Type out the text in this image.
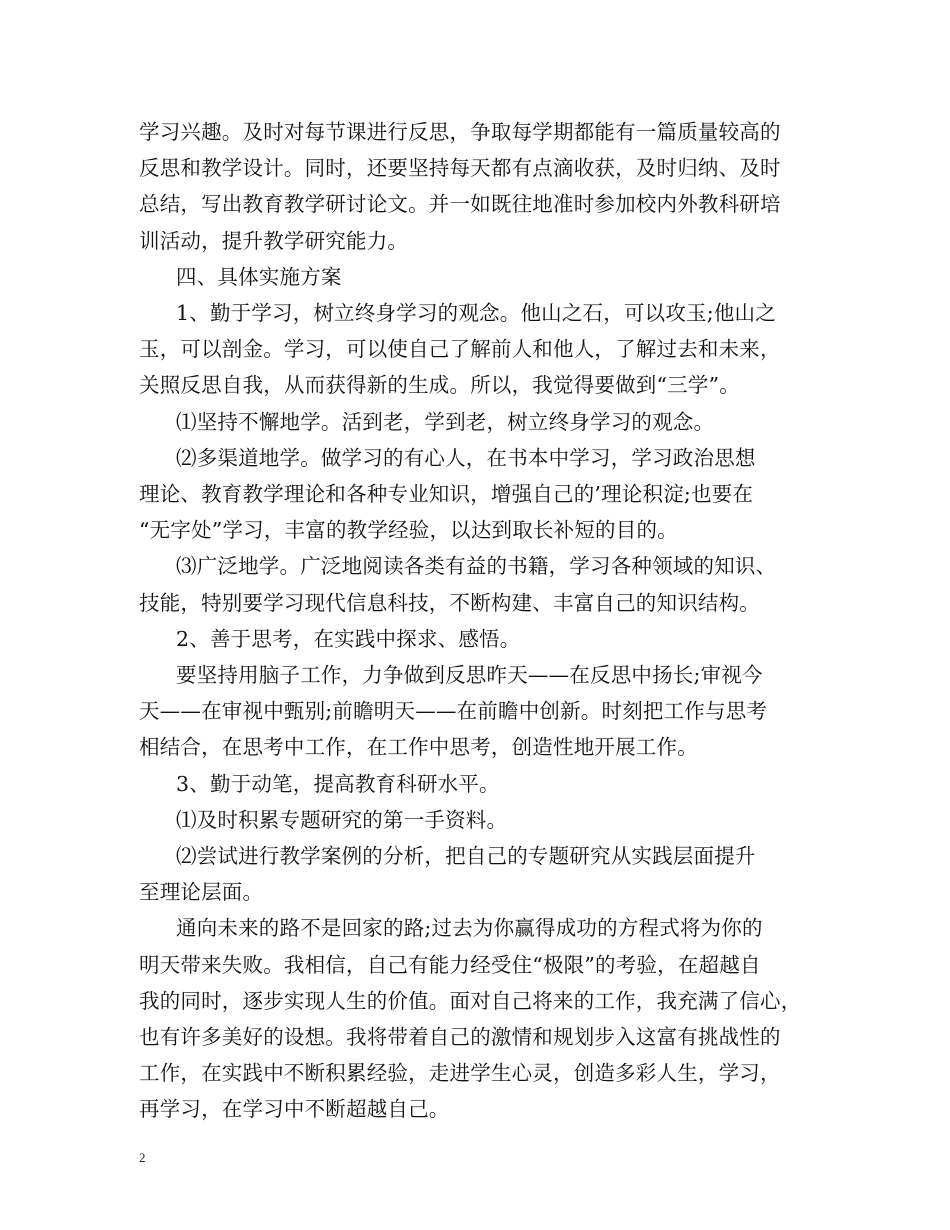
学习兴趣。及时对每节课进行反思，争取每学期都能有一篇质量较高的
反思和教学设计。同时，还要坚持每天都有点滴收获，及时归纳、及时
总结，写出教育教学研讨论文。并一如既往地准时参加校内外教科研培
训活动，提升教学研究能力。
四、具体实施方案
1、勤于学习，树立终身学习的观念。他山之石，可以攻玉;他山之
玉，可以剖金。学习，可以使自己了解前人和他人，了解过去和未来，
关照反思自我，从而获得新的生成。所以，我觉得要做到“三学”。
⑴坚持不懈地学。活到老，学到老，树立终身学习的观念。
⑵多渠道地学。做学习的有心人，在书本中学习，学习政治思想
理论、教育教学理论和各种专业知识，增强自己的’理论积淀;也要在
“无字处”学习，丰富的教学经验，以达到取长补短的目的。
⑶广泛地学。广泛地阅读各类有益的书籍，学习各种领域的知识、
技能，特别要学习现代信息科技，不断构建、丰富自己的知识结构。
2、善于思考，在实践中探求、感悟。
要坚持用脑子工作，力争做到反思昨天——在反思中扬长;审视今
天——在审视中甄别;前瞻明天——在前瞻中创新。时刻把工作与思考
相结合，在思考中工作，在工作中思考，创造性地开展工作。
3、勤于动笔，提高教育科研水平。
⑴及时积累专题研究的第一手资料。
⑵尝试进行教学案例的分析，把自己的专题研究从实践层面提升
至理论层面。
通向未来的路不是回家的路;过去为你赢得成功的方程式将为你的
明天带来失败。我相信，自己有能力经受住“极限”的考验，在超越自
我的同时，逐步实现人生的价值。面对自己将来的工作，我充满了信心，
也有许多美好的设想。我将带着自己的激情和规划步入这富有挑战性的
工作，在实践中不断积累经验，走进学生心灵，创造多彩人生，学习，
再学习，在学习中不断超越自己。
2
